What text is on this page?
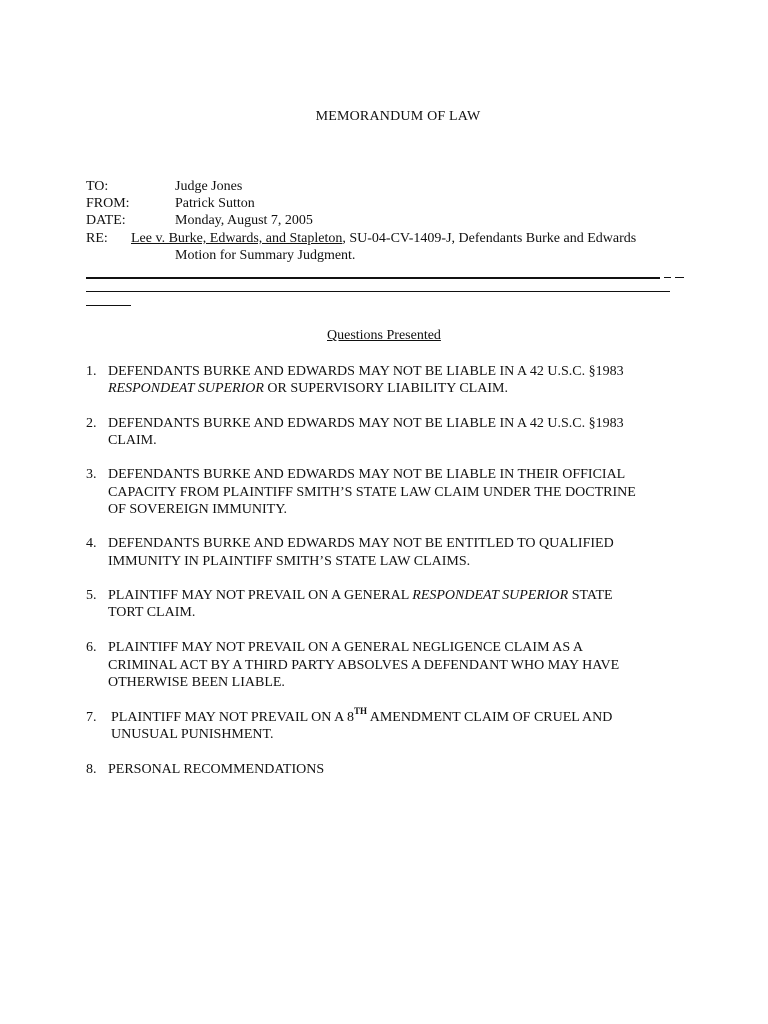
MEMORANDUM OF LAW
TO:	Judge Jones
FROM:	Patrick Sutton
DATE:	Monday, August 7, 2005
RE: Lee v. Burke, Edwards, and Stapleton, SU-04-CV-1409-J, Defendants Burke and Edwards
Motion for Summary Judgment.
Questions Presented
1. DEFENDANTS BURKE AND EDWARDS MAY NOT BE LIABLE IN A 42 U.S.C. §1983
RESPONDEAT SUPERIOR OR SUPERVISORY LIABILITY CLAIM.
2. DEFENDANTS BURKE AND EDWARDS MAY NOT BE LIABLE IN A 42 U.S.C. §1983
CLAIM.
3. DEFENDANTS BURKE AND EDWARDS MAY NOT BE LIABLE IN THEIR OFFICIAL
CAPACITY FROM PLAINTIFF SMITH’S STATE LAW CLAIM UNDER THE DOCTRINE
OF SOVEREIGN IMMUNITY.
4. DEFENDANTS BURKE AND EDWARDS MAY NOT BE ENTITLED TO QUALIFIED
IMMUNITY IN PLAINTIFF SMITH’S STATE LAW CLAIMS.
5. PLAINTIFF MAY NOT PREVAIL ON A GENERAL RESPONDEAT SUPERIOR STATE
TORT CLAIM.
6. PLAINTIFF MAY NOT PREVAIL ON A GENERAL NEGLIGENCE CLAIM AS A
CRIMINAL ACT BY A THIRD PARTY ABSOLVES A DEFENDANT WHO MAY HAVE
OTHERWISE BEEN LIABLE.
7.	PLAINTIFF MAY NOT PREVAIL ON A 8TH AMENDMENT CLAIM OF CRUEL AND
UNUSUAL PUNISHMENT.
8. PERSONAL RECOMMENDATIONS
